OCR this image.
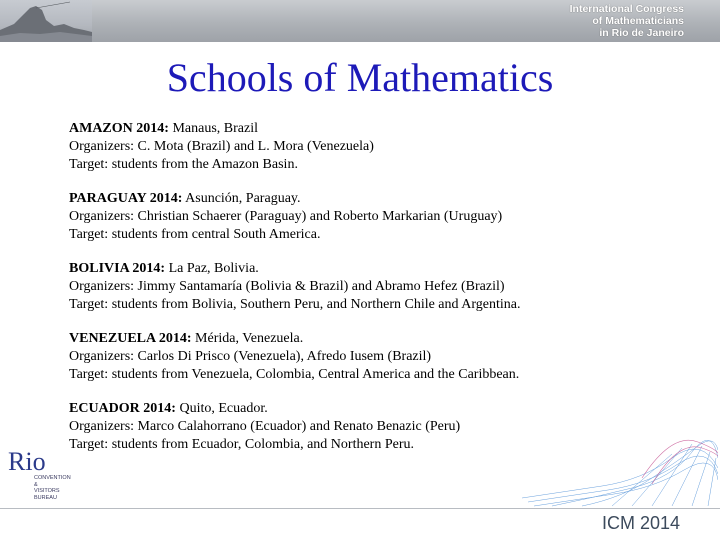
International Congress
of Mathematicians
in Rio de Janeiro
Schools of Mathematics
AMAZON 2014: Manaus, Brazil
Organizers: C. Mota (Brazil) and L. Mora (Venezuela)
Target: students from the Amazon Basin.
PARAGUAY 2014: Asunción, Paraguay.
Organizers: Christian Schaerer (Paraguay) and Roberto Markarian (Uruguay)
Target: students from central South America.
BOLIVIA 2014: La Paz, Bolivia.
Organizers: Jimmy Santamaría (Bolivia & Brazil) and Abramo Hefez (Brazil)
Target: students from Bolivia, Southern Peru, and Northern Chile and Argentina.
VENEZUELA 2014: Mérida, Venezuela.
Organizers: Carlos Di Prisco (Venezuela), Afredo Iusem (Brazil)
Target: students from Venezuela, Colombia, Central America and the Caribbean.
ECUADOR 2014: Quito, Ecuador.
Organizers: Marco Calahorrano (Ecuador) and Renato Benazic (Peru)
Target: students from Ecuador, Colombia, and Northern Peru.
Rio
CONVENTION
&
VISITORS
BUREAU
ICM 2014
